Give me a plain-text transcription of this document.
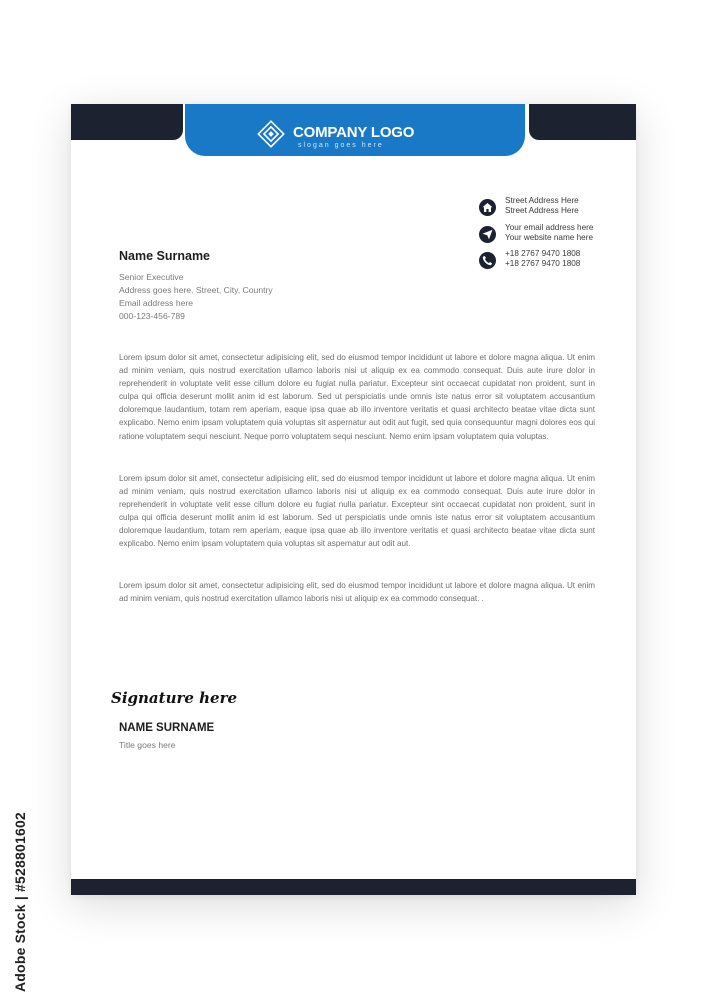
COMPANY LOGO
slogan goes here
Street Address Here
Street Address Here
Your email address here
Your website name here
+18 2767 9470 1808
+18 2767 9470 1808
Name Surname
Senior Executive
Address goes here. Street, City, Country
Email address here
000-123-456-789

Lorem ipsum dolor sit amet, consectetur adipisicing elit, sed do eiusmod tempor incididunt ut labore et dolore magna aliqua. Ut enim ad minim veniam, quis nostrud exercitation ullamco laboris nisi ut aliquip ex ea commodo consequat. Duis aute irure dolor in reprehenderit in voluptate velit esse cillum dolore eu fugiat nulla pariatur. Excepteur sint occaecat cupidatat non proident, sunt in culpa qui officia deserunt mollit anim id est laborum. Sed ut perspiciatis unde omnis iste natus error sit voluptatem accusantium doloremque laudantium, totam rem aperiam, eaque ipsa quae ab illo inventore veritatis et quasi architecto beatae vitae dicta sunt explicabo. Nemo enim ipsam voluptatem quia voluptas sit aspernatur aut odit aut fugit, sed quia consequuntur magni dolores eos qui ratione voluptatem sequi nesciunt. Neque porro voluptatem sequi nesciunt. Nemo enim ipsam voluptatem quia voluptas.

Lorem ipsum dolor sit amet, consectetur adipisicing elit, sed do eiusmod tempor incididunt ut labore et dolore magna aliqua. Ut enim ad minim veniam, quis nostrud exercitation ullamco laboris nisi ut aliquip ex ea commodo consequat. Duis aute irure dolor in reprehenderit in voluptate velit esse cillum dolore eu fugiat nulla pariatur. Excepteur sint occaecat cupidatat non proident, sunt in culpa qui officia deserunt mollit anim id est laborum. Sed ut perspiciatis unde omnis iste natus error sit voluptatem accusantium doloremque laudantium, totam rem aperiam, eaque ipsa quae ab illo inventore veritatis et quasi architecto beatae vitae dicta sunt explicabo. Nemo enim ipsam voluptatem quia voluptas sit aspernatur aut odit aut.

Lorem ipsum dolor sit amet, consectetur adipisicing elit, sed do eiusmod tempor incididunt ut labore et dolore magna aliqua. Ut enim ad minim veniam, quis nostrud exercitation ullamco laboris nisi ut aliquip ex ea commodo consequat. .

Signature here
NAME SURNAME
Title goes here
Adobe Stock | #528801602
